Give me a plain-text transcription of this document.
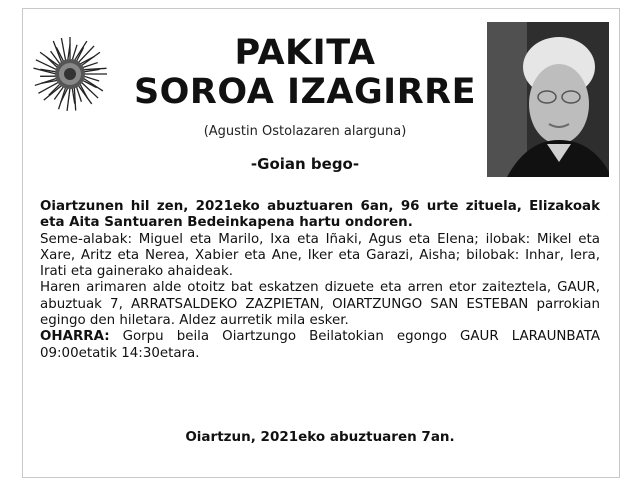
PAKITA
SOROA IZAGIRRE
(Agustin Ostolazaren alarguna)
-Goian bego-

Oiartzunen hil zen, 2021eko abuztuaren 6an, 96 urte zituela, Elizakoak eta Aita Santuaren Bedeinkapena hartu ondoren.

Seme-alabak: Miguel eta Marilo, Ixa eta Iñaki, Agus eta Elena; ilobak: Mikel eta Xare, Aritz eta Nerea, Xabier eta Ane, Iker eta Garazi, Aisha; bilobak: Inhar, Iera, Irati eta gainerako ahaideak.

Haren arimaren alde otoitz bat eskatzen dizuete eta arren etor zaiteztela, GAUR, abuztuak 7, ARRATSALDEKO ZAZPIETAN, OIARTZUNGO SAN ESTEBAN parrokian egingo den hiletara. Aldez aurretik mila esker.

OHARRA: Gorpu beila Oiartzungo Beilatokian egongo GAUR LARAUNBATA 09:00etatik 14:30etara.

Oiartzun, 2021eko abuztuaren 7an.
